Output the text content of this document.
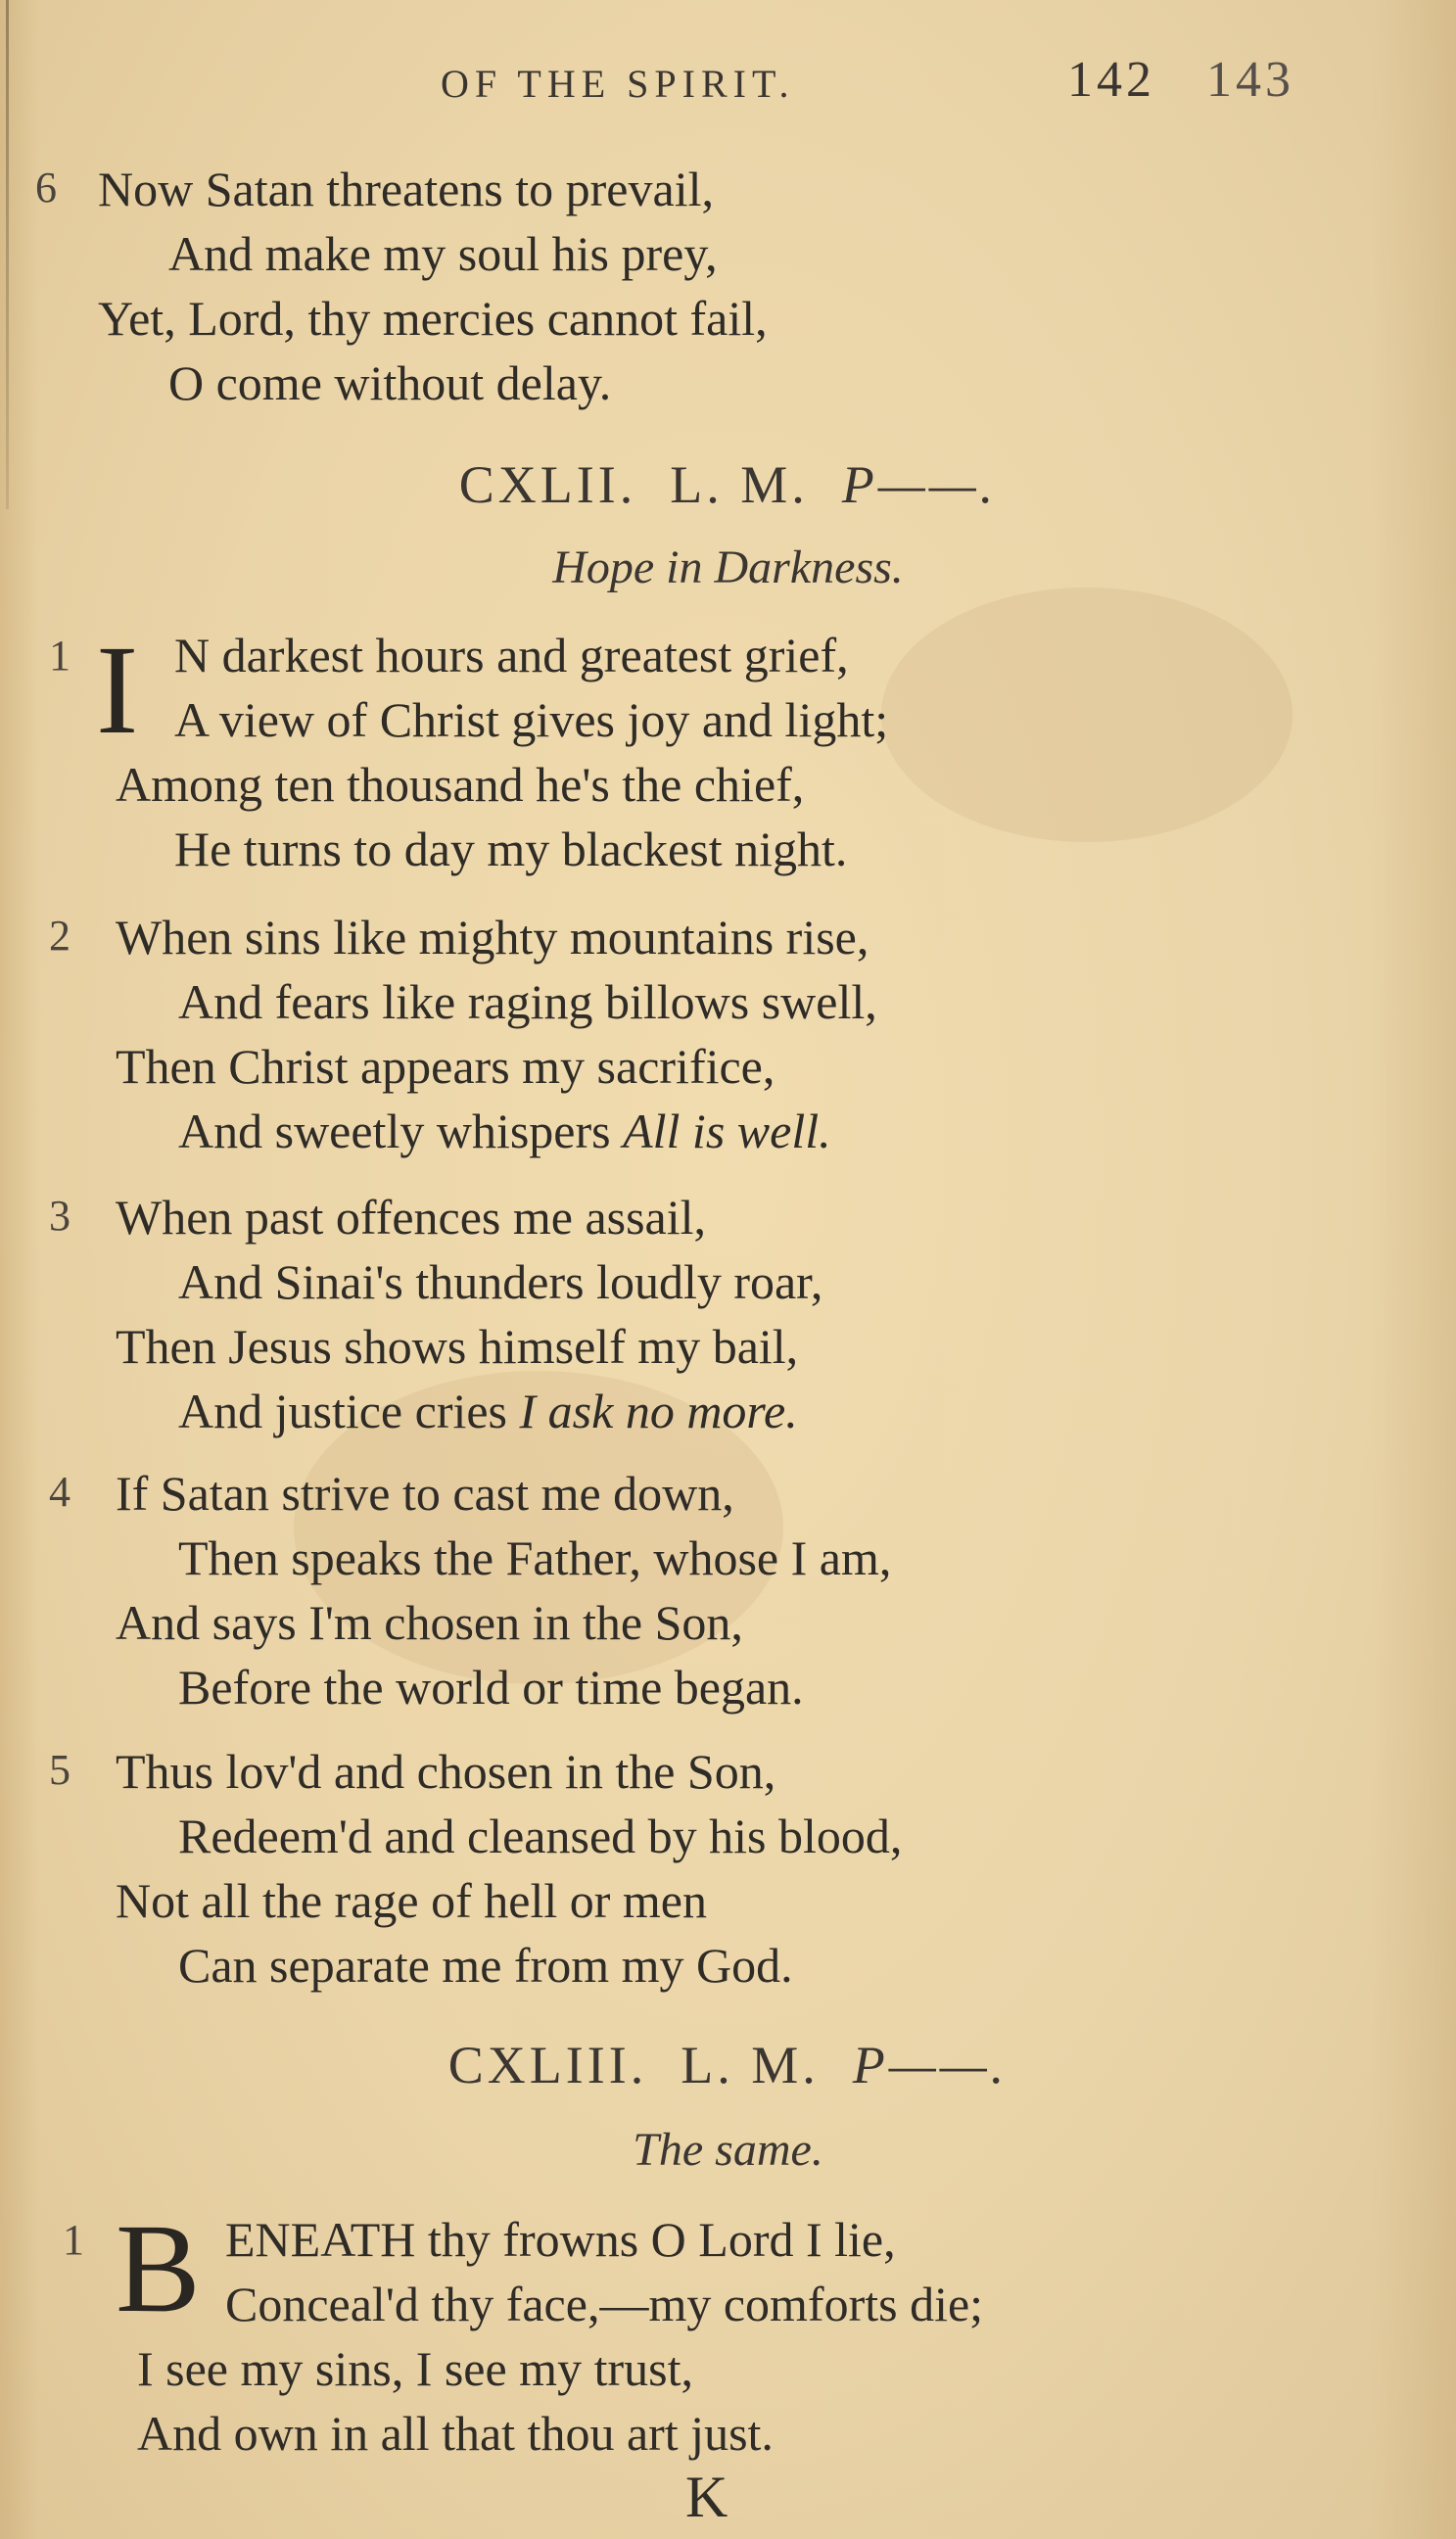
OF THE SPIRIT.	142 143
6 Now Satan threatens to prevail,
And make my soul his prey,
Yet, Lord, thy mercies cannot fail,
O come without delay.
CXLII. L. M. P——.
Hope in Darkness.
1 I N darkest hours and greatest grief,
A view of Christ gives joy and light;
Among ten thousand he's the chief,
He turns to day my blackest night.
2 When sins like mighty mountains rise,
And fears like raging billows swell,
Then Christ appears my sacrifice,
And sweetly whispers All is well.
3 When past offences me assail,
And Sinai's thunders loudly roar,
Then Jesus shows himself my bail,
And justice cries I ask no more.
4 If Satan strive to cast me down,
Then speaks the Father, whose I am,
And says I'm chosen in the Son,
Before the world or time began.
5 Thus lov'd and chosen in the Son,
Redeem'd and cleansed by his blood,
Not all the rage of hell or men
Can separate me from my God.
CXLIII. L. M. P——.
The same.
1 B ENEATH thy frowns O Lord I lie,
Conceal'd thy face,—my comforts die;
I see my sins, I see my trust,
And own in all that thou art just.
K
